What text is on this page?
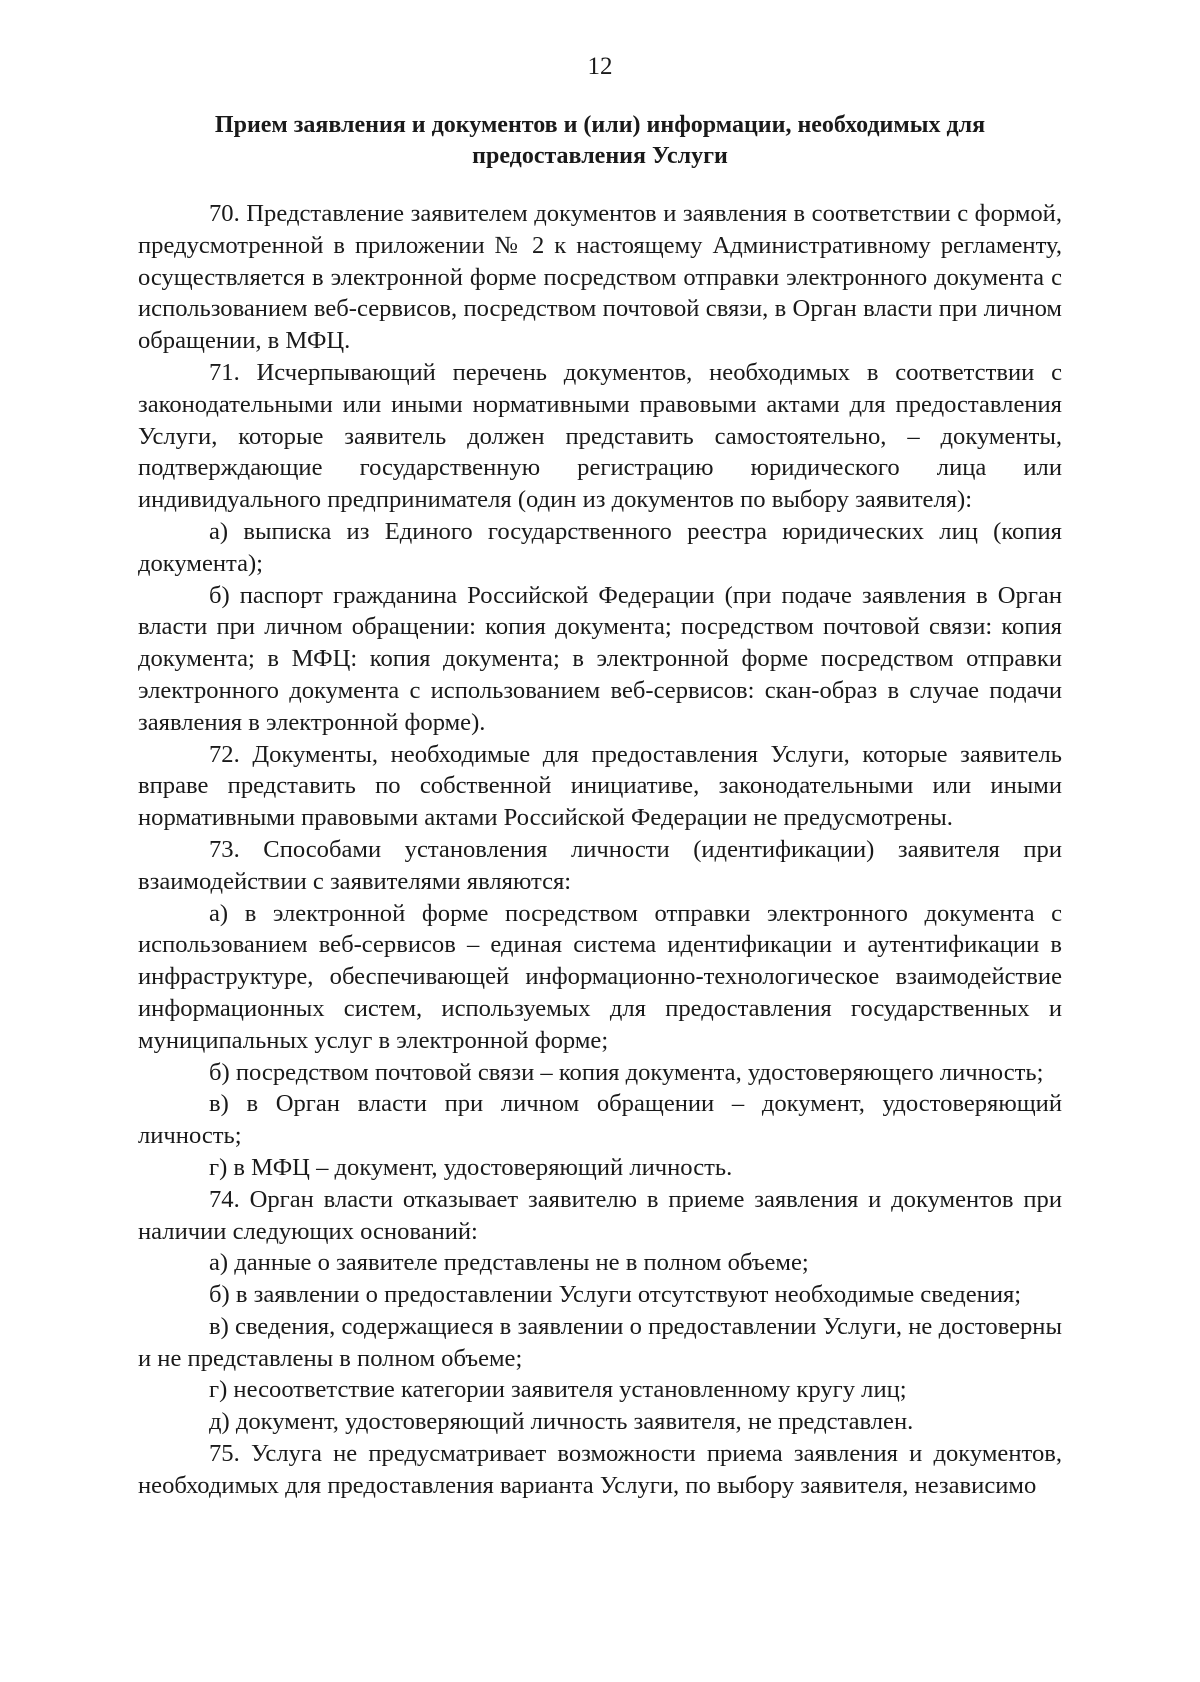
12
Прием заявления и документов и (или) информации, необходимых для предоставления Услуги

70. Представление заявителем документов и заявления в соответствии с формой, предусмотренной в приложении № 2 к настоящему Административному регламенту, осуществляется в электронной форме посредством отправки электронного документа с использованием веб-сервисов, посредством почтовой связи, в Орган власти при личном обращении, в МФЦ.

71. Исчерпывающий перечень документов, необходимых в соответствии с законодательными или иными нормативными правовыми актами для предоставления Услуги, которые заявитель должен представить самостоятельно, – документы, подтверждающие государственную регистрацию юридического лица или индивидуального предпринимателя (один из документов по выбору заявителя):

а) выписка из Единого государственного реестра юридических лиц (копия документа);

б) паспорт гражданина Российской Федерации (при подаче заявления в Орган власти при личном обращении: копия документа; посредством почтовой связи: копия документа; в МФЦ: копия документа; в электронной форме посредством отправки электронного документа с использованием веб-сервисов: скан-образ в случае подачи заявления в электронной форме).

72. Документы, необходимые для предоставления Услуги, которые заявитель вправе представить по собственной инициативе, законодательными или иными нормативными правовыми актами Российской Федерации не предусмотрены.

73. Способами установления личности (идентификации) заявителя при взаимодействии с заявителями являются:

а) в электронной форме посредством отправки электронного документа с использованием веб-сервисов – единая система идентификации и аутентификации в инфраструктуре, обеспечивающей информационно-технологическое взаимодействие информационных систем, используемых для предоставления государственных и муниципальных услуг в электронной форме;

б) посредством почтовой связи – копия документа, удостоверяющего личность;

в) в Орган власти при личном обращении – документ, удостоверяющий личность;

г) в МФЦ – документ, удостоверяющий личность.

74. Орган власти отказывает заявителю в приеме заявления и документов при наличии следующих оснований:

а) данные о заявителе представлены не в полном объеме;

б) в заявлении о предоставлении Услуги отсутствуют необходимые сведения;

в) сведения, содержащиеся в заявлении о предоставлении Услуги, не достоверны и не представлены в полном объеме;

г) несоответствие категории заявителя установленному кругу лиц;

д) документ, удостоверяющий личность заявителя, не представлен.

75. Услуга не предусматривает возможности приема заявления и документов, необходимых для предоставления варианта Услуги, по выбору заявителя, независимо
